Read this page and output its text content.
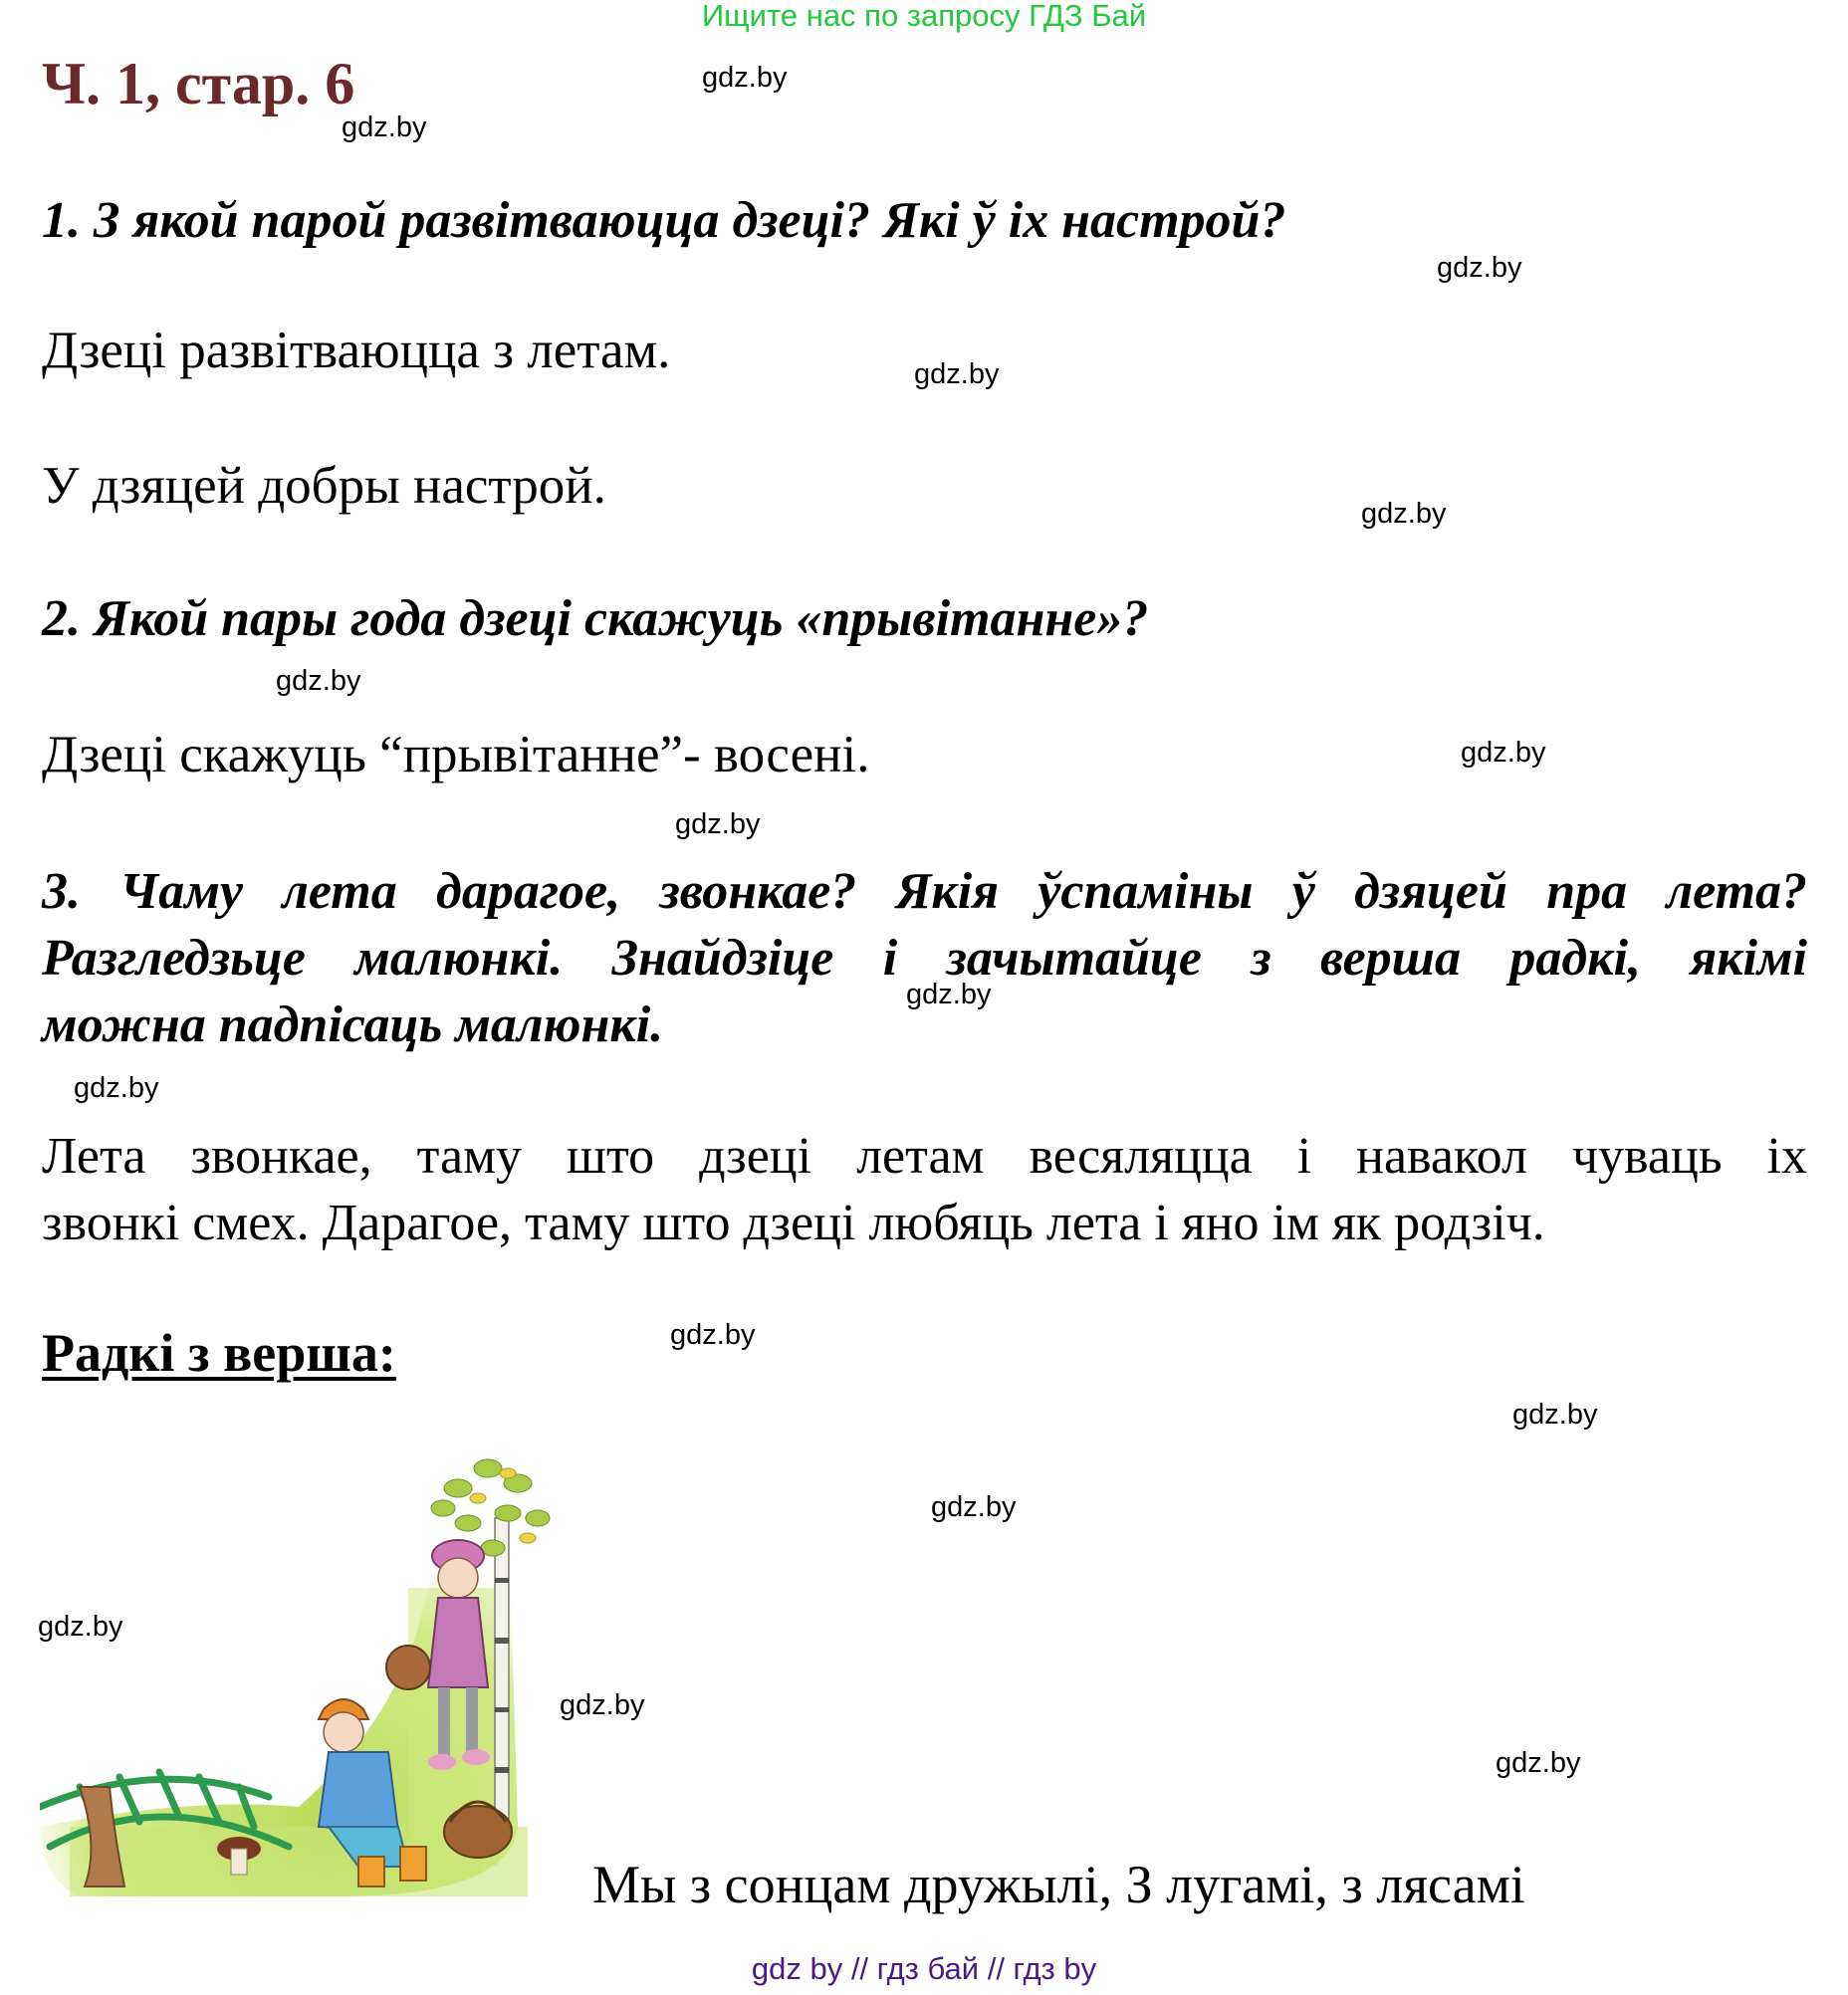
Ищите нас по запросу ГДЗ Бай
Ч. 1, стар. 6	gdz.by
gdz.by
gdz.by
gdz.by
gdz.by
gdz.by
gdz.by
gdz.by
gdz.by
gdz.by
gdz.by
gdz.by
gdz.by
gdz.by
1. З якой парой развітваюцца дзеці? Які ў іх настрой?
Дзеці развітваюцца з летам.
У дзяцей добры настрой.
2. Якой пары года дзеці скажуць «прывітанне»?
Дзеці скажуць “прывітанне”- восені.
3. Чаму лета дарагое, звонкае? Якія ўспаміны ў дзяцей пра лета?
Разгледзьце малюнкі. Знайдзіце і зачытайце з верша радкі, якімі
можна падпісаць малюнкі.
Лета звонкае, таму што дзеці летам весяляцца і навакол чуваць іх
звонкі смех. Дарагое, таму што дзеці любяць лета і яно ім як родзіч.
Радкі з верша:
gdz.by
gdz.by
Мы з сонцам дружылі, З лугамі, з лясамі
gdz by // гдз бай // гдз by
